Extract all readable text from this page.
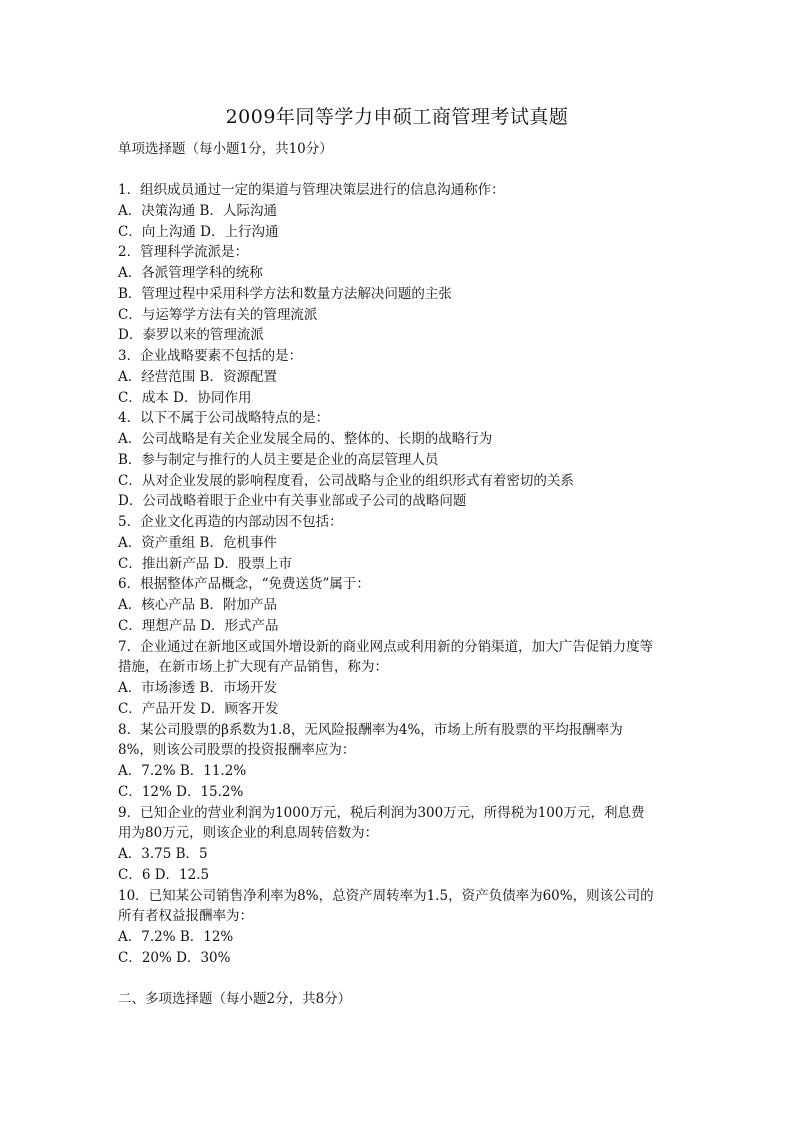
2009年同等学力申硕工商管理考试真题
单项选择题（每小题1分，共10分）
1．组织成员通过一定的渠道与管理决策层进行的信息沟通称作：
A．决策沟通 B．人际沟通
C．向上沟通 D．上行沟通
2．管理科学流派是：
A．各派管理学科的统称
B．管理过程中采用科学方法和数量方法解决问题的主张
C．与运筹学方法有关的管理流派
D．泰罗以来的管理流派
3．企业战略要素不包括的是：
A．经营范围 B．资源配置
C．成本 D．协同作用
4．以下不属于公司战略特点的是：
A．公司战略是有关企业发展全局的、整体的、长期的战略行为
B．参与制定与推行的人员主要是企业的高层管理人员
C．从对企业发展的影响程度看，公司战略与企业的组织形式有着密切的关系
D．公司战略着眼于企业中有关事业部或子公司的战略问题
5．企业文化再造的内部动因不包括：
A．资产重组 B．危机事件
C．推出新产品 D．股票上市
6．根据整体产品概念，“免费送货”属于：
A．核心产品 B．附加产品
C．理想产品 D．形式产品
7．企业通过在新地区或国外增设新的商业网点或利用新的分销渠道，加大广告促销力度等
措施，在新市场上扩大现有产品销售，称为：
A．市场渗透 B．市场开发
C．产品开发 D．顾客开发
8．某公司股票的β系数为1.8，无风险报酬率为4%，市场上所有股票的平均报酬率为
8%，则该公司股票的投资报酬率应为：
A．7.2% B．11.2%
C．12% D．15.2%
9．已知企业的营业利润为1000万元，税后利润为300万元，所得税为100万元，利息费
用为80万元，则该企业的利息周转倍数为：
A．3.75 B．5
C．6 D．12.5
10．已知某公司销售净利率为8%，总资产周转率为1.5，资产负债率为60%，则该公司的
所有者权益报酬率为：
A．7.2% B．12%
C．20% D．30%
二、多项选择题（每小题2分，共8分）
